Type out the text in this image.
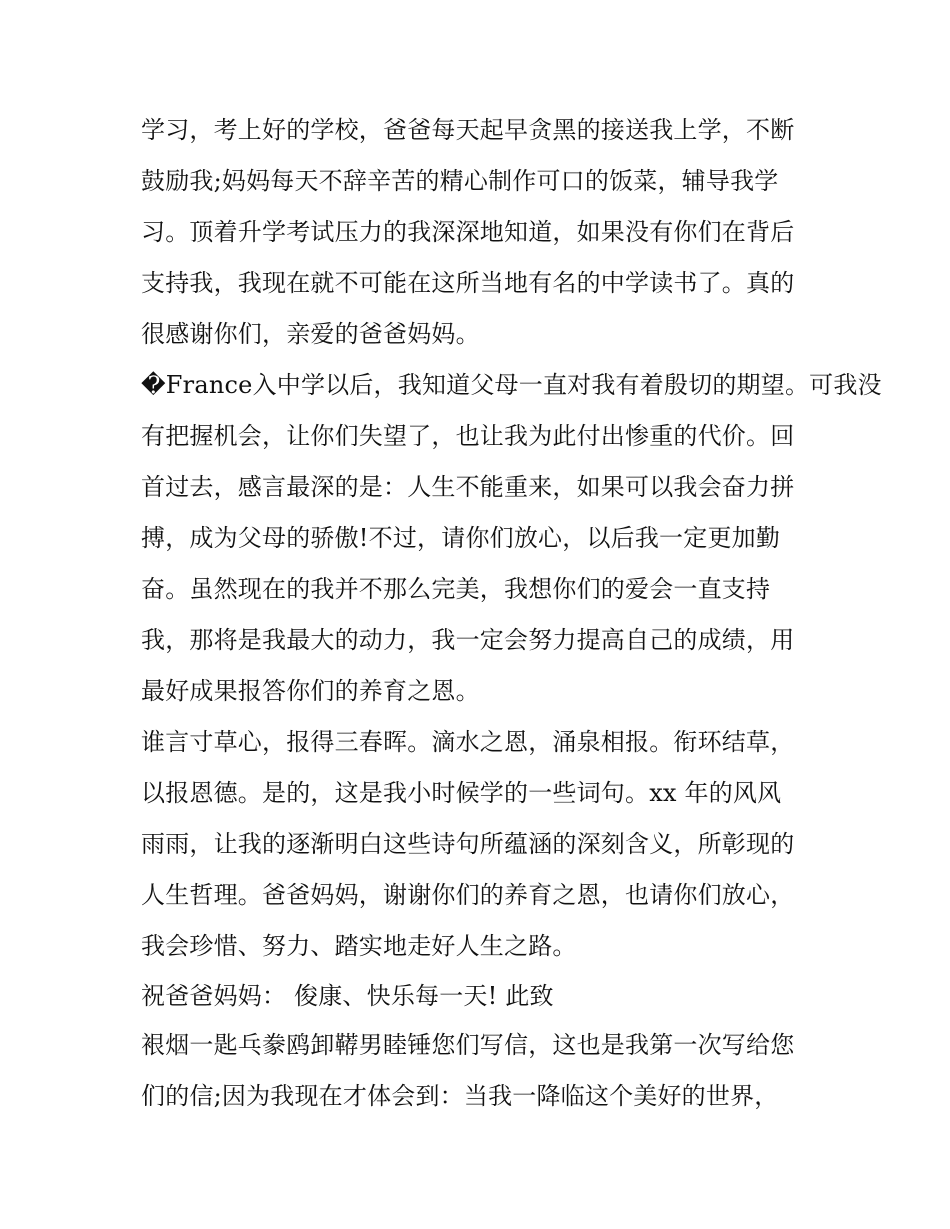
学习，考上好的学校，爸爸每天起早贪黑的接送我上学，不断
鼓励我;妈妈每天不辞辛苦的精心制作可口的饭菜，辅导我学
习。顶着升学考试压力的我深深地知道，如果没有你们在背后
支持我，我现在就不可能在这所当地有名的中学读书了。真的
很感谢你们，亲爱的爸爸妈妈。
�France入中学以后，我知道父母一直对我有着殷切的期望。可我没
有把握机会，让你们失望了，也让我为此付出惨重的代价。回
首过去，感言最深的是：人生不能重来，如果可以我会奋力拼
搏，成为父母的骄傲!不过，请你们放心，以后我一定更加勤
奋。虽然现在的我并不那么完美，我想你们的爱会一直支持
我，那将是我最大的动力，我一定会努力提高自己的成绩，用
最好成果报答你们的养育之恩。
谁言寸草心，报得三春晖。滴水之恩，涌泉相报。衔环结草，
以报恩德。是的，这是我小时候学的一些词句。xx 年的风风
雨雨，让我的逐渐明白这些诗句所蕴涵的深刻含义，所彰现的
人生哲理。爸爸妈妈，谢谢你们的养育之恩，也请你们放心，
我会珍惜、努力、踏实地走好人生之路。
祝爸爸妈妈： 俊康、快乐每一天! 此致
裉烟一匙乓豢鸥卸鞯男睦锤您们写信，这也是我第一次写给您
们的信;因为我现在才体会到：当我一降临这个美好的世界，
